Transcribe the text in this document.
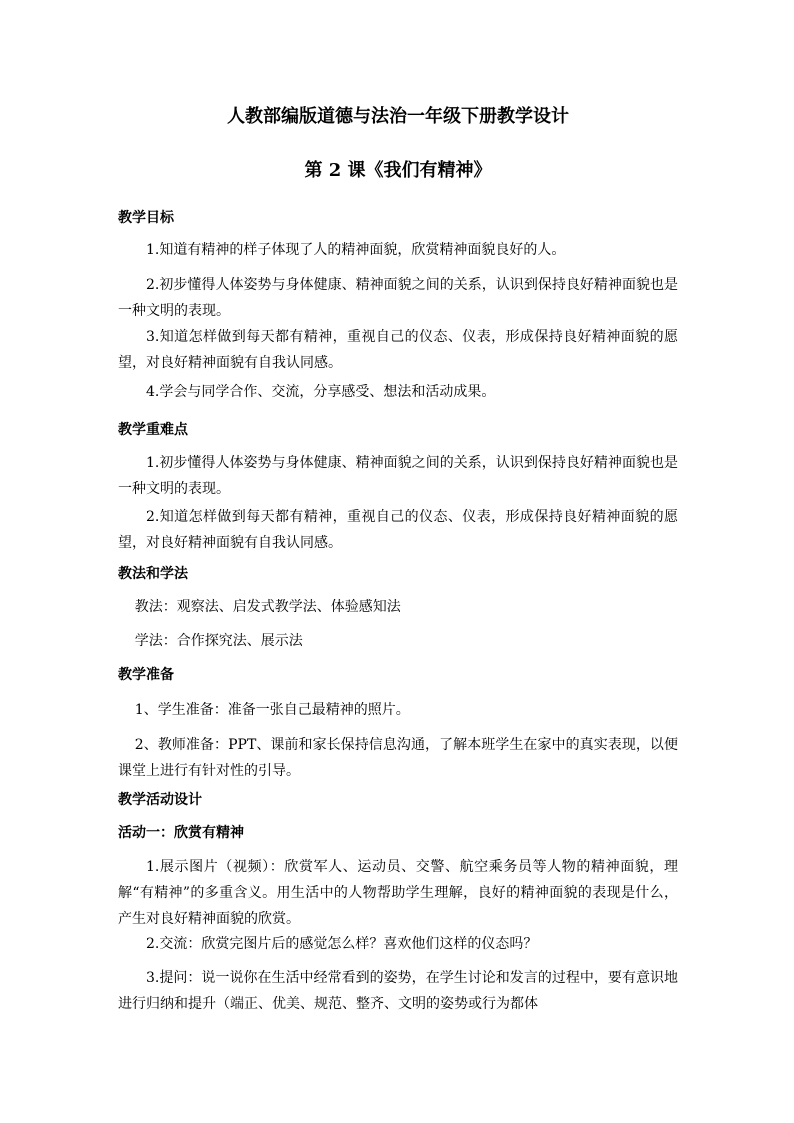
人教部编版道德与法治一年级下册教学设计
第 2 课《我们有精神》
教学目标
1.知道有精神的样子体现了人的精神面貌，欣赏精神面貌良好的人。
2.初步懂得人体姿势与身体健康、精神面貌之间的关系，认识到保持良好精神面貌也是一种文明的表现。
3.知道怎样做到每天都有精神，重视自己的仪态、仪表，形成保持良好精神面貌的愿望，对良好精神面貌有自我认同感。
4.学会与同学合作、交流，分享感受、想法和活动成果。
教学重难点
1.初步懂得人体姿势与身体健康、精神面貌之间的关系，认识到保持良好精神面貌也是一种文明的表现。
2.知道怎样做到每天都有精神，重视自己的仪态、仪表，形成保持良好精神面貌的愿望，对良好精神面貌有自我认同感。
教法和学法
教法：观察法、启发式教学法、体验感知法
学法：合作探究法、展示法
教学准备
1、学生准备：准备一张自己最精神的照片。
2、教师准备：PPT、课前和家长保持信息沟通，了解本班学生在家中的真实表现，以便课堂上进行有针对性的引导。
教学活动设计
活动一：欣赏有精神
1.展示图片（视频）：欣赏军人、运动员、交警、航空乘务员等人物的精神面貌，理解“有精神”的多重含义。用生活中的人物帮助学生理解，良好的精神面貌的表现是什么，产生对良好精神面貌的欣赏。
2.交流：欣赏完图片后的感觉怎么样？喜欢他们这样的仪态吗？
3.提问：说一说你在生活中经常看到的姿势，在学生讨论和发言的过程中，要有意识地进行归纳和提升（端正、优美、规范、整齐、文明的姿势或行为都体
